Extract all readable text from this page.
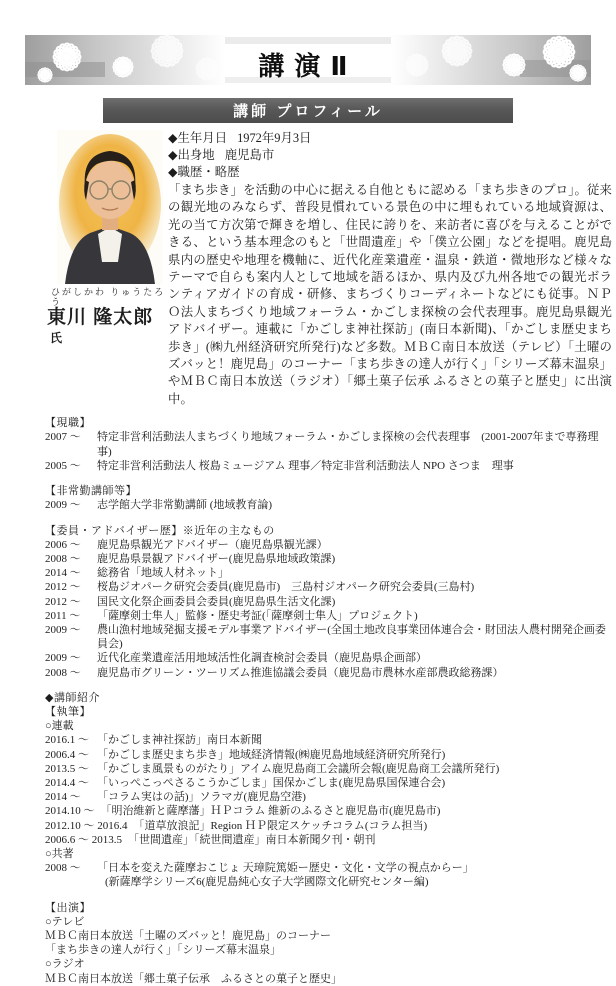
講演Ⅱ
講師 プロフィール
ひがしかわ りゅうたろう
東川 隆太郎氏
◆生年月日 1972年9月3日
◆出身地 鹿児島市
◆職歴・略歴
「まち歩き」を活動の中心に据える自他ともに認める「まち歩きのプロ」。従来の観光地のみならず、普段見慣れている景色の中に埋もれている地域資源は、光の当て方次第で輝きを増し、住民に誇りを、来訪者に喜びを与えることができる、という基本理念のもと「世間遺産」や「僕立公園」などを提唱。鹿児島県内の歴史や地理を機軸に、近代化産業遺産・温泉・鉄道・微地形など様々なテーマで自らも案内人として地域を語るほか、県内及び九州各地での観光ボランティアガイドの育成・研修、まちづくりコーディネートなどにも従事。ＮＰＯ法人まちづくり地域フォーラム・かごしま探検の会代表理事。鹿児島県観光アドバイザー。連載に「かごしま神社探訪」(南日本新聞)、「かごしま歴史まち歩き」(㈱九州経済研究所発行)など多数。ＭＢＣ南日本放送（テレビ）「土曜のズバッと！鹿児島」のコーナー「まち歩きの達人が行く」「シリーズ幕末温泉」やＭＢＣ南日本放送（ラジオ）「郷土菓子伝承 ふるさとの菓子と歴史」に出演中。
【現職】
2007 ～	特定非営利活動法人まちづくり地域フォーラム・かごしま探検の会代表理事　(2001-2007年まで専務理事)
2005 ～	特定非営利活動法人 桜島ミュージアム 理事／特定非営利活動法人 NPO さつま　理事
【非常勤講師等】
2009 ～	志学館大学非常勤講師 (地域教育論)
【委員・アドバイザー歴】※近年の主なもの
2006 ～	鹿児島県観光アドバイザー（鹿児島県観光課）
2008 ～	鹿児島県景観アドバイザー(鹿児島県地域政策課)
2014 ～	総務省「地域人材ネット」
2012 ～	桜島ジオパーク研究会委員(鹿児島市)　三島村ジオパーク研究会委員(三島村)
2012 ～	国民文化祭企画委員会委員(鹿児島県生活文化課)
2011 ～	「薩摩剣士隼人」監修・歴史考証(「薩摩剣士隼人」プロジェクト)
2009 ～	農山漁村地域発掘支援モデル事業アドバイザー(全国土地改良事業団体連合会・財団法人農村開発企画委員会)
2009 ～	近代化産業遺産活用地域活性化調査検討会委員（鹿児島県企画部）
2008 ～	鹿児島市グリーン・ツーリズム推進協議会委員（鹿児島市農林水産部農政総務課）
◆講師紹介
【執筆】
○連載
2016.1 ～ 「かごしま神社探訪」南日本新聞
2006.4 ～ 「かごしま歴史まち歩き」地域経済情報(㈱鹿児島地域経済研究所発行)
2013.5 ～ 「かごしま風景ものがたり」アイム鹿児島商工会議所会報(鹿児島商工会議所発行)
2014.4 ～ 「いっぺこっぺさるこうかごしま」国保かごしま(鹿児島県国保連合会)
2014 ～	「コラム実はの話)」ソラマガ(鹿児島空港)
2014.10 ～ 「明治維新と薩摩藩」ＨＰコラム 維新のふるさと鹿児島市(鹿児島市)
2012.10 ～ 2016.4 「道草放浪記」Region ＨＰ限定スケッチコラム(コラム担当)
2006.6 ～ 2013.5 「世間遺産」「続世間遺産」南日本新聞夕刊・朝刊
○共著
2008 ～	「日本を変えた薩摩おこじょ 天璋院篤姫ー歴史・文化・文学の視点からー」
(新薩摩学シリーズ6(鹿児島純心女子大学國際文化研究センター編)
【出演】
○テレビ
ＭＢＣ南日本放送「土曜のズバッと！鹿児島」のコーナー
「まち歩きの達人が行く」「シリーズ幕末温泉」
○ラジオ
ＭＢＣ南日本放送「郷土菓子伝承　ふるさとの菓子と歴史」
